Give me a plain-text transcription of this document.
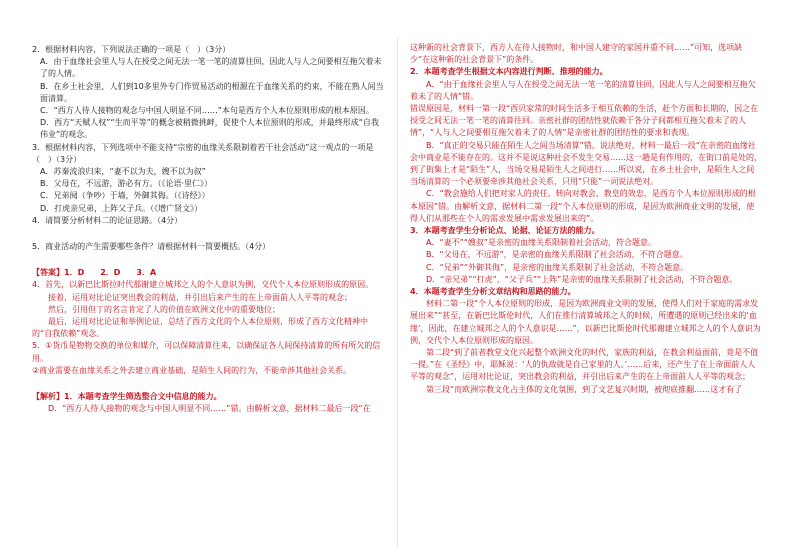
2．根据材料内容，下列说法正确的一项是（　）（3分）

A．由于血缘社会里人与人在授受之间无法一笔一笔的清算往回，因此人与人之间要相互拖欠着未了的人情。

B．在乡土社会里，人们到10多里外专门作贸易活动的根源在于血缘关系的约束，不能在熟人间当面清算。

C．“西方人待人接物的观念与中国人明显不同……”本句是西方个人本位原则形成的根本原因。

D．西方“天赋人权”“生而平等”的概念被稍微挑衅，促使个人本位原则的形成，并最终形成“自我伟业”的观念。

3．根据材料内容，下列选项中不能支持“宗密的血缘关系限制着若干社会活动”这一观点的一项是（　）（3分）

A．苏秦流浪归来，“妻不以为夫，嫂不以为叔”

B．父母在，不远游，游必有方。（《论语·里仁》）

C．兄弟阋（争吵）于墙，外御其侮。（《诗经》）

D．打虎亲兄弟，上阵父子兵。（《增广贤文》）

4．请简要分析材料二的论证思路。（4分）

5．商业活动的产生需要哪些条件？请根据材料一简要概括。（4分）

【答案】1．D　　2．D　　3．A

4．首先，以新巴比斯拉时代那谢建立城邦之人的个人意识为例，交代个人本位原则形成的原因。

接着，运用对比论证突出教会的利益，并引出后来产生的在上帝面前人人平等的观念；

然后，引用但丁的名言肯定了人的价值在欧洲文化中的重要地位；

最后，运用对比论证和举例论证，总结了西方文化的个人本位原则，形成了西方文化精神中的“自我依赖”观念。

5．①货币是物物交换的单位和媒介，可以保障清算往来，以确保证各人间保持清算的所有所欠的信用。

②商业需要在血缘关系之外去建立商业基础，是陌生人间的行为，不能牵涉其他社会关系。

【解析】1．本题考查学生筛选整合文中信息的能力。

D．“西方人待人接物的观念与中国人明显不同……”错。由解析文意，据材料二最后一段“在

这种新的社会背景下，西方人在待人接物时，和中国人建守的家国并重不同……”可知，选项缺少“在这种新的社会背景下”的条件。

2．本题考查学生根据文本内容进行判断、推理的能力。

A．“由于血缘社会里人与人在授受之间无法一笔一笔的清算往回，因此人与人之间要相互拖欠着未了的人情”错。

错误原因是，材料一第一段“西贝家常的时间生活多于相互依赖的生活，赶个方面和长期的，因之在授受之间无法一笔一笔的清算往回。亲密社群的团结性就依赖于各分子间都相互拖欠着未了的人情”，“人与人之间要相互拖欠着未了的人情”是亲密社群的团结性的要求和表现。

B．“真正的交易只能在陌生人之间当场清算”错。说法绝对，材料一最后一段“在亲密的血缘社会中商业是不能存在的。这并不是说这种社会不发生交易……这一趟是有作用的，在街口前是处的，到了街集上才是“陌生”人，当场交易是陌生人之间进行……所以说，在乡土社会中，是陌生人之间当场清算的一个必须要牵涉其他社会关系，只用“只能”一词说法绝对。

C．“教会施给人们把对家人的责任，转向对教会、教皇的效忠，是西方个人本位原则形成的根本原因”错。由解析文意，据材料二第一段“个人本位原则的形成，是因为欧洲商业文明的发展，使得人们从那些在个人的需求发展中需求发展出来的”。

3．本题考查学生分析论点、论据、论证方法的能力。

A．“妻不”“嫂叔”是亲密的血缘关系限制着社会活动，符合题意。

B．“父母在，不远游”，是亲密的血缘关系限制了社会活动，不符合题意。

C．“兄弟”“外御其侮”，是亲密的血缘关系限制了社会活动，不符合题意。

D．“亲兄弟”“打虎”，“父子兵”“上阵”是亲密的血缘关系限制了社会活动，不符合题意。

4．本题考查学生分析文章结构和思路的能力。

材料二第一段“个人本位原则的形成，是因为欧洲商业文明的发展，使得人们对于家庭的需求发展出来”“甚至，在新巴比斯伦时代，人们在推行清算城邦之人的时候，所遭遇的原则已经出来的‘血缘’，因此，在建立城邦之人的个人意识是……”，以新巴比斯伦时代那谢建立城邦之人的个人意识为例，交代个人本位原则形成的原因。

第二段“到了前者教堂文化兴起整个欧洲文化的时代，家族的利益，在教会利益面前，竟是不值一提。”在《圣经》中，耶稣说：‘人的仇敌就是自己家里的人。’……后来，还产生了在上帝面前人人平等的观念”，运用对比论证，突出教会的利益，并引出后来产生的在上帝面前人人平等的观念；

第三段“而欧洲宗教文化占主体的文化氛围，到了文艺复兴时期，被彻底推翻……这才有了
